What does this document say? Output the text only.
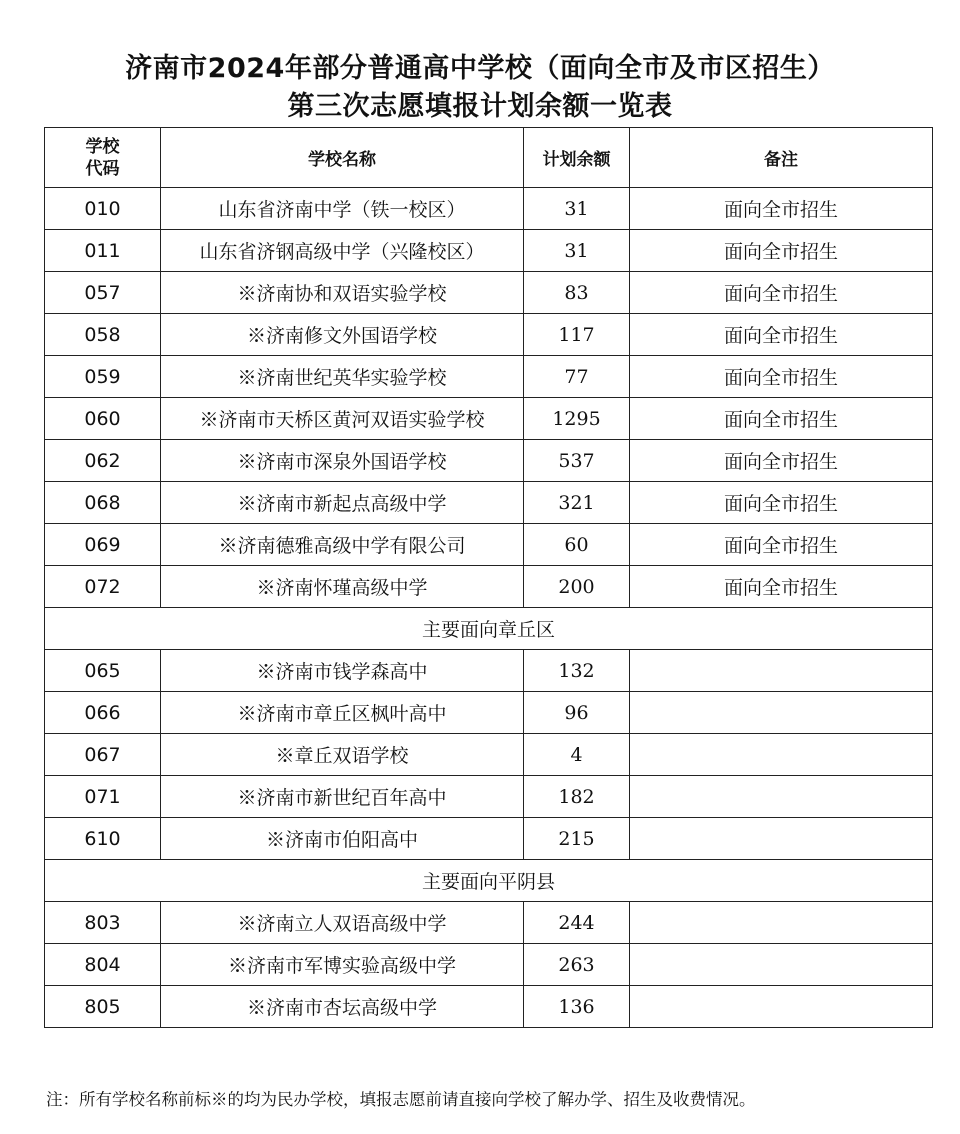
济南市2024年部分普通高中学校（面向全市及市区招生）
第三次志愿填报计划余额一览表
学校
代码	学校名称	计划余额	备注
010	山东省济南中学（铁一校区）	31	面向全市招生
011	山东省济钢高级中学（兴隆校区）	31	面向全市招生
057	※济南协和双语实验学校	83	面向全市招生
058	※济南修文外国语学校	117	面向全市招生
059	※济南世纪英华实验学校	77	面向全市招生
060	※济南市天桥区黄河双语实验学校	1295	面向全市招生
062	※济南市深泉外国语学校	537	面向全市招生
068	※济南市新起点高级中学	321	面向全市招生
069	※济南德雅高级中学有限公司	60	面向全市招生
072	※济南怀瑾高级中学	200	面向全市招生
主要面向章丘区			
065	※济南市钱学森高中	132	
066	※济南市章丘区枫叶高中	96	
067	※章丘双语学校	4	
071	※济南市新世纪百年高中	182	
610	※济南市伯阳高中	215	
主要面向平阴县			
803	※济南立人双语高级中学	244	
804	※济南市军博实验高级中学	263	
805	※济南市杏坛高级中学	136	
注：所有学校名称前标※的均为民办学校，填报志愿前请直接向学校了解办学、招生及收费情况。
